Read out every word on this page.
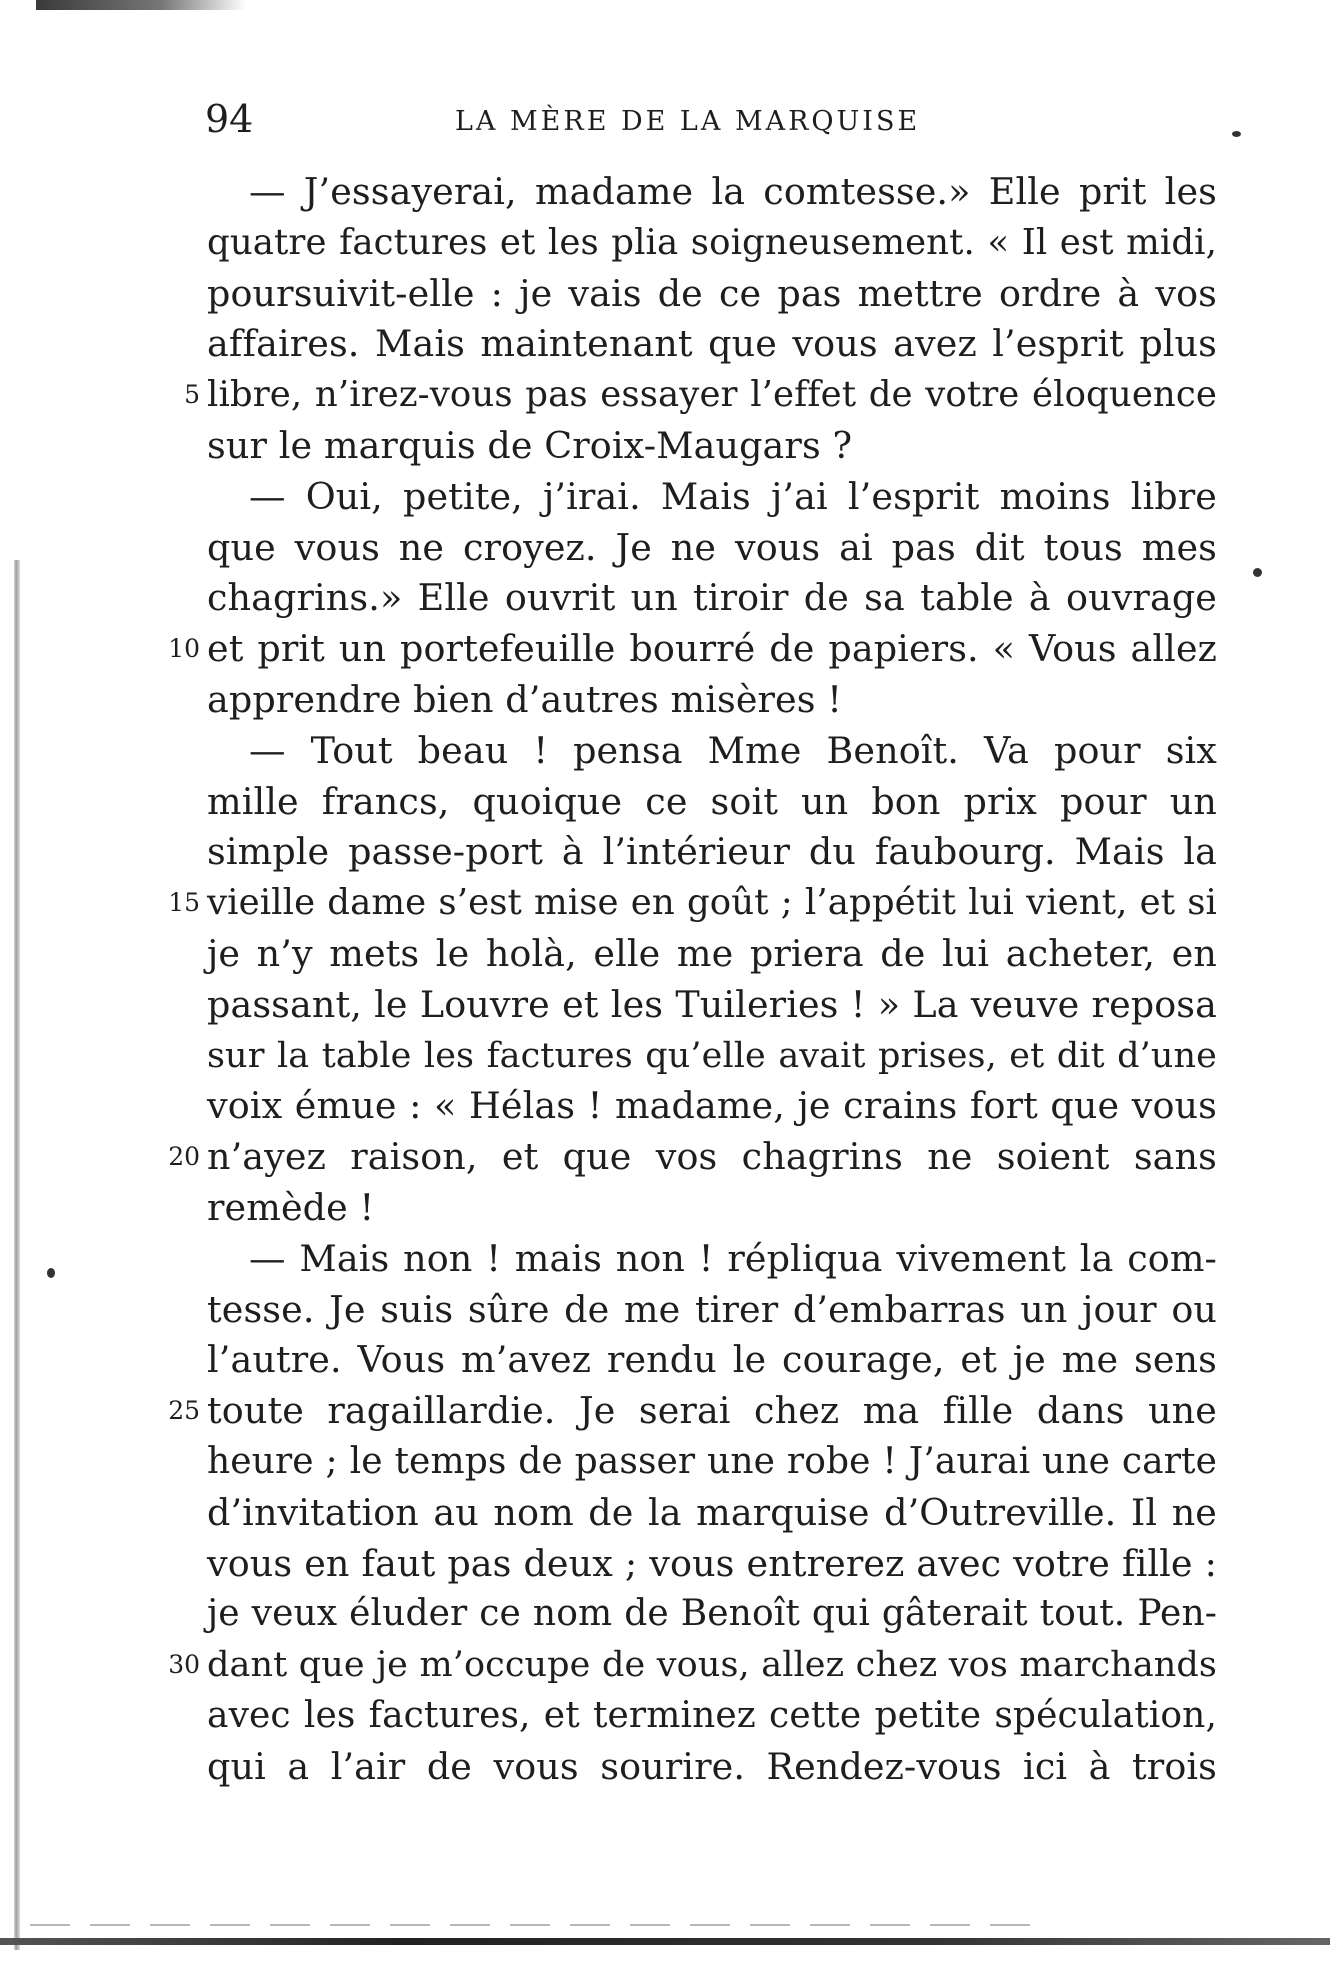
94	LA MÈRE DE LA MARQUISE
5
10
15
20
25
30
— J’essayerai, madame la comtesse.» Elle prit les
quatre factures et les plia soigneusement. « Il est midi,
poursuivit-elle : je vais de ce pas mettre ordre à vos
affaires. Mais maintenant que vous avez l’esprit plus
libre, n’irez-vous pas essayer l’effet de votre éloquence
sur le marquis de Croix-Maugars ?
— Oui, petite, j’irai. Mais j’ai l’esprit moins libre
que vous ne croyez. Je ne vous ai pas dit tous mes
chagrins.» Elle ouvrit un tiroir de sa table à ouvrage
et prit un portefeuille bourré de papiers. « Vous allez
apprendre bien d’autres misères !
— Tout beau ! pensa Mme Benoît. Va pour six
mille francs, quoique ce soit un bon prix pour un
simple passe-port à l’intérieur du faubourg. Mais la
vieille dame s’est mise en goût ; l’appétit lui vient, et si
je n’y mets le holà, elle me priera de lui acheter, en
passant, le Louvre et les Tuileries ! » La veuve reposa
sur la table les factures qu’elle avait prises, et dit d’une
voix émue : « Hélas ! madame, je crains fort que vous
n’ayez raison, et que vos chagrins ne soient sans
remède !
— Mais non ! mais non ! répliqua vivement la com-
tesse. Je suis sûre de me tirer d’embarras un jour ou
l’autre. Vous m’avez rendu le courage, et je me sens
toute ragaillardie. Je serai chez ma fille dans une
heure ; le temps de passer une robe ! J’aurai une carte
d’invitation au nom de la marquise d’Outreville. Il ne
vous en faut pas deux ; vous entrerez avec votre fille :
je veux éluder ce nom de Benoît qui gâterait tout. Pen-
dant que je m’occupe de vous, allez chez vos marchands
avec les factures, et terminez cette petite spéculation,
qui a l’air de vous sourire. Rendez-vous ici à trois
